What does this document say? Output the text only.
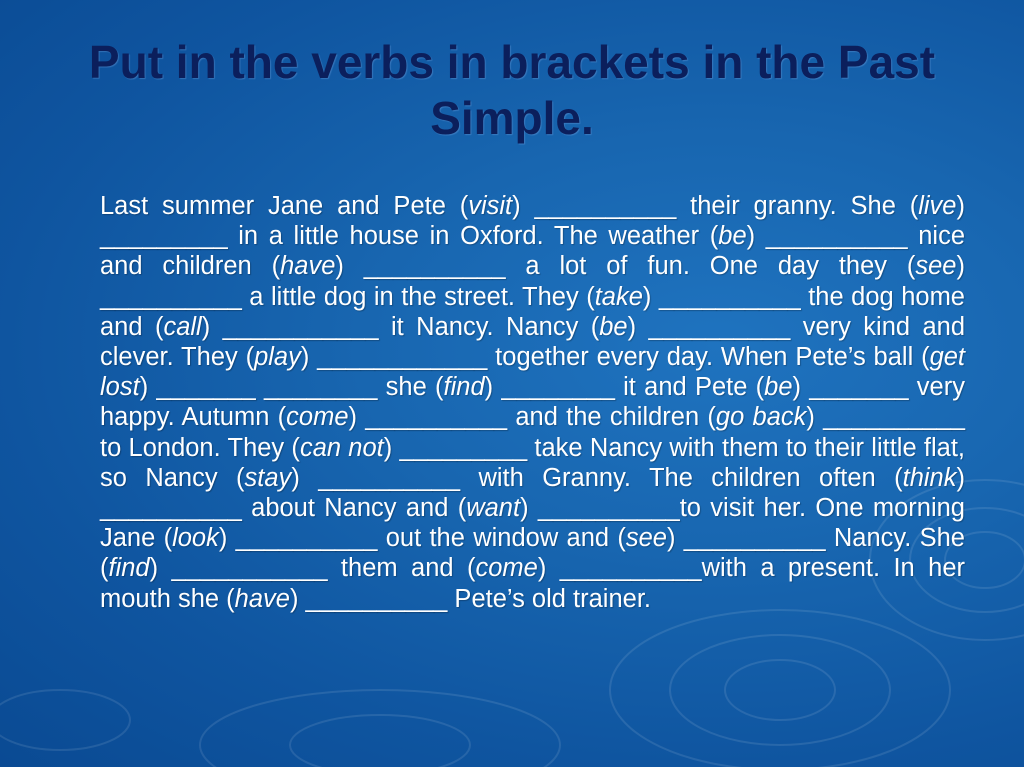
Put in the verbs in brackets in the Past Simple.
Last summer Jane and Pete (visit) __________ their granny. She (live) _________ in a little house in Oxford. The weather (be) __________ nice and children (have) __________ a lot of fun. One day they (see) __________ a little dog in the street. They (take) __________ the dog home and (call) ___________ it Nancy. Nancy (be) __________ very kind and clever. They (play) ____________ together every day. When Pete’s ball (get lost) _______ ________ she (find) ________ it and Pete (be) _______ very happy. Autumn (come) __________ and the children (go back) __________ to London. They (can not) _________ take Nancy with them to their little flat, so Nancy (stay) __________ with Granny. The children often (think) __________ about Nancy and (want) __________to visit her. One morning Jane (look) __________ out the window and (see) __________ Nancy. She (find) ___________ them and (come) __________with a present. In her mouth she (have) __________ Pete’s old trainer.
